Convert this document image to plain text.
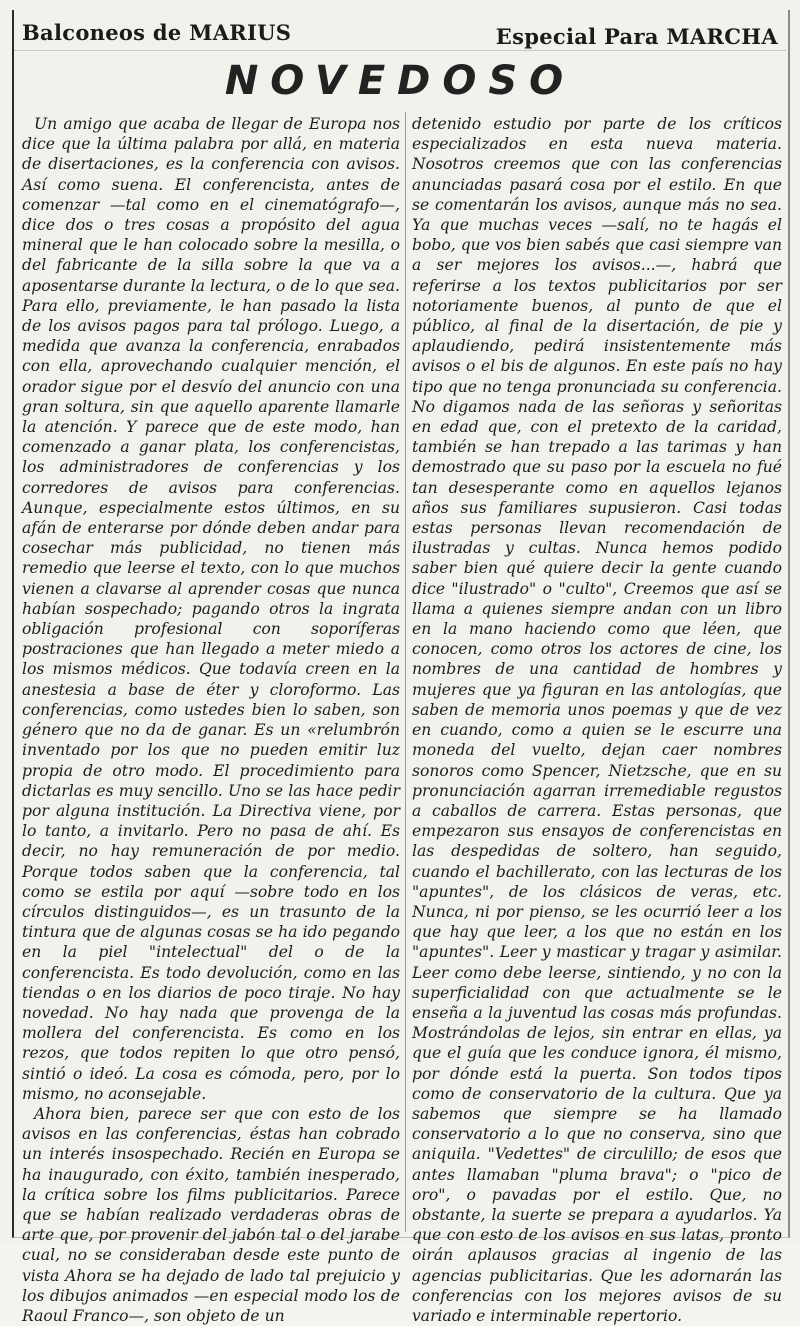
Balconeos de MARIUS	Especial Para MARCHA
NOVEDOSO

Un amigo que acaba de llegar de Europa nos dice que la última palabra por allá, en materia de disertaciones, es la conferencia con avisos. Así como suena. El conferencista, antes de comenzar —tal como en el cinematógrafo—, dice dos o tres cosas a propósito del agua mineral que le han colocado sobre la mesilla, o del fabricante de la silla sobre la que va a aposentarse durante la lectura, o de lo que sea. Para ello, previamente, le han pasado la lista de los avisos pagos para tal prólogo. Luego, a medida que avanza la conferencia, enrabados con ella, aprovechando cualquier mención, el orador sigue por el desvío del anuncio con una gran soltura, sin que aquello aparente llamarle la atención. Y parece que de este modo, han comenzado a ganar plata, los conferencistas, los administradores de conferencias y los corredores de avisos para conferencias. Aunque, especialmente estos últimos, en su afán de enterarse por dónde deben andar para cosechar más publicidad, no tienen más remedio que leerse el texto, con lo que muchos vienen a clavarse al aprender cosas que nunca habían sospechado; pagando otros la ingrata obligación profesional con soporíferas postraciones que han llegado a meter miedo a los mismos médicos. Que todavía creen en la anestesia a base de éter y cloroformo. Las conferencias, como ustedes bien lo saben, son género que no da de ganar. Es un «relumbrón inventado por los que no pueden emitir luz propia de otro modo. El procedimiento para dictarlas es muy sencillo. Uno se las hace pedir por alguna institución. La Directiva viene, por lo tanto, a invitarlo. Pero no pasa de ahí. Es decir, no hay remuneración de por medio. Porque todos saben que la conferencia, tal como se estila por aquí —sobre todo en los círculos distinguidos—, es un trasunto de la tintura que de algunas cosas se ha ido pegando en la piel "intelectual" del o de la conferencista. Es todo devolución, como en las tiendas o en los diarios de poco tiraje. No hay novedad. No hay nada que provenga de la mollera del conferencista. Es como en los rezos, que todos repiten lo que otro pensó, sintió o ideó. La cosa es cómoda, pero, por lo mismo, no aconsejable.

Ahora bien, parece ser que con esto de los avisos en las conferencias, éstas han cobrado un interés insospechado. Recién en Europa se ha inaugurado, con éxito, también inesperado, la crítica sobre los films publicitarios. Parece que se habían realizado verdaderas obras de arte que, por provenir del jabón tal o del jarabe cual, no se consideraban desde este punto de vista Ahora se ha dejado de lado tal prejuicio y los dibujos animados —en especial modo los de Raoul Franco—, son objeto de un

detenido estudio por parte de los críticos especializados en esta nueva materia. Nosotros creemos que con las conferencias anunciadas pasará cosa por el estilo. En que se comentarán los avisos, aunque más no sea. Ya que muchas veces —salí, no te hagás el bobo, que vos bien sabés que casi siempre van a ser mejores los avisos...—, habrá que referirse a los textos publicitarios por ser notoriamente buenos, al punto de que el público, al final de la disertación, de pie y aplaudiendo, pedirá insistentemente más avisos o el bis de algunos. En este país no hay tipo que no tenga pronunciada su conferencia. No digamos nada de las señoras y señoritas en edad que, con el pretexto de la caridad, también se han trepado a las tarimas y han demostrado que su paso por la escuela no fué tan desesperante como en aquellos lejanos años sus familiares supusieron. Casi todas estas personas llevan recomendación de ilustradas y cultas. Nunca hemos podido saber bien qué quiere decir la gente cuando dice "ilustrado" o "culto", Creemos que así se llama a quienes siempre andan con un libro en la mano haciendo como que léen, que conocen, como otros los actores de cine, los nombres de una cantidad de hombres y mujeres que ya figuran en las antologías, que saben de memoria unos poemas y que de vez en cuando, como a quien se le escurre una moneda del vuelto, dejan caer nombres sonoros como Spencer, Nietzsche, que en su pronunciación agarran irremediable regustos a caballos de carrera. Estas personas, que empezaron sus ensayos de conferencistas en las despedidas de soltero, han seguido, cuando el bachillerato, con las lecturas de los "apuntes", de los clásicos de veras, etc. Nunca, ni por pienso, se les ocurrió leer a los que hay que leer, a los que no están en los "apuntes". Leer y masticar y tragar y asimilar. Leer como debe leerse, sintiendo, y no con la superficialidad con que actualmente se le enseña a la juventud las cosas más profundas. Mostrándolas de lejos, sin entrar en ellas, ya que el guía que les conduce ignora, él mismo, por dónde está la puerta. Son todos tipos como de conservatorio de la cultura. Que ya sabemos que siempre se ha llamado conservatorio a lo que no conserva, sino que aniquila. "Vedettes" de circulillo; de esos que antes llamaban "pluma brava"; o "pico de oro", o pavadas por el estilo. Que, no obstante, la suerte se prepara a ayudarlos. Ya que con esto de los avisos en sus latas, pronto oirán aplausos gracias al ingenio de las agencias publicitarias. Que les adornarán las conferencias con los mejores avisos de su variado e interminable repertorio.
